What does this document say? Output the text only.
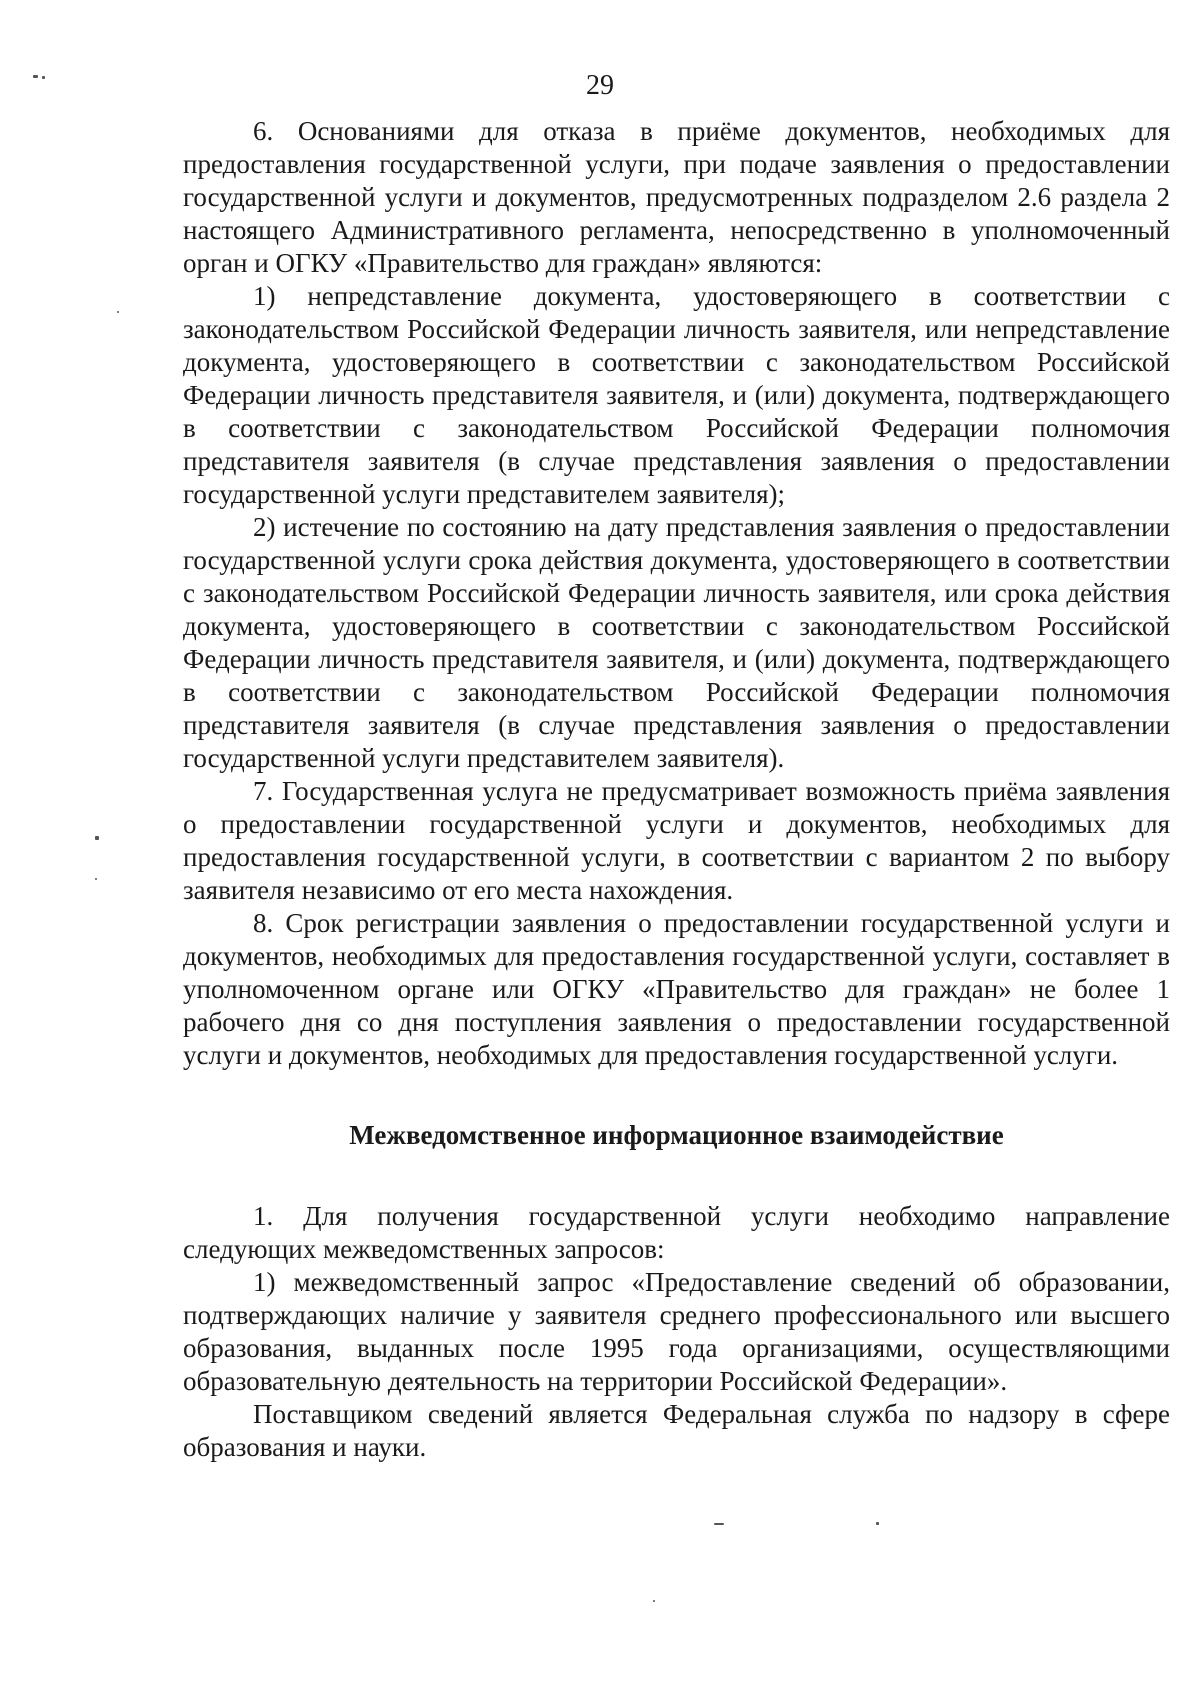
29

6. Основаниями для отказа в приёме документов, необходимых для предоставления государственной услуги, при подаче заявления о предоставлении государственной услуги и документов, предусмотренных подразделом 2.6 раздела 2 настоящего Административного регламента, непосредственно в уполномоченный орган и ОГКУ «Правительство для граждан» являются:

1) непредставление документа, удостоверяющего в соответствии с законодательством Российской Федерации личность заявителя, или непредставление документа, удостоверяющего в соответствии с законодательством Российской Федерации личность представителя заявителя, и (или) документа, подтверждающего в соответствии с законодательством Российской Федерации полномочия представителя заявителя (в случае представления заявления о предоставлении государственной услуги представителем заявителя);

2) истечение по состоянию на дату представления заявления о предоставлении государственной услуги срока действия документа, удостоверяющего в соответствии с законодательством Российской Федерации личность заявителя, или срока действия документа, удостоверяющего в соответствии с законодательством Российской Федерации личность представителя заявителя, и (или) документа, подтверждающего в соответствии с законодательством Российской Федерации полномочия представителя заявителя (в случае представления заявления о предоставлении государственной услуги представителем заявителя).

7. Государственная услуга не предусматривает возможность приёма заявления о предоставлении государственной услуги и документов, необходимых для предоставления государственной услуги, в соответствии с вариантом 2 по выбору заявителя независимо от его места нахождения.

8. Срок регистрации заявления о предоставлении государственной услуги и документов, необходимых для предоставления государственной услуги, составляет в уполномоченном органе или ОГКУ «Правительство для граждан» не более 1 рабочего дня со дня поступления заявления о предоставлении государственной услуги и документов, необходимых для предоставления государственной услуги.

Межведомственное информационное взаимодействие

1. Для получения государственной услуги необходимо направление следующих межведомственных запросов:

1) межведомственный запрос «Предоставление сведений об образовании, подтверждающих наличие у заявителя среднего профессионального или высшего образования, выданных после 1995 года организациями, осуществляющими образовательную деятельность на территории Российской Федерации».

Поставщиком сведений является Федеральная служба по надзору в сфере образования и науки.
